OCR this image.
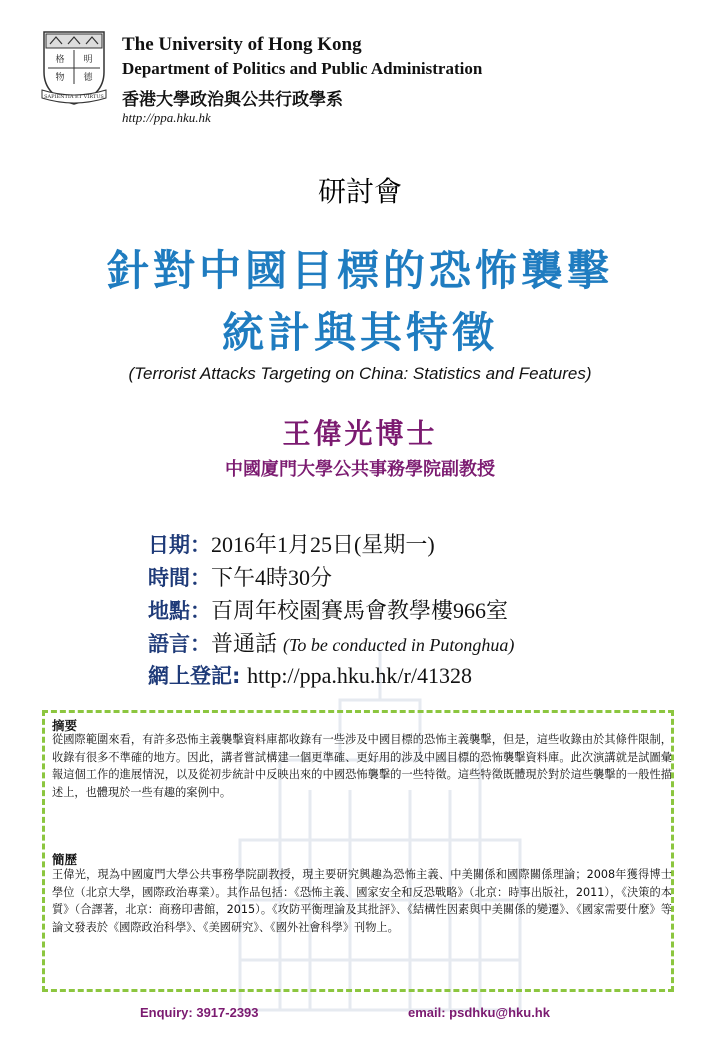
格 明
物 德
SAPIENTIA ET VIRTUS
The University of Hong Kong
Department of Politics and Public Administration
香港大學政治與公共行政學系
http://ppa.hku.hk
研討會
針對中國目標的恐怖襲擊
統計與其特徵
(Terrorist Attacks Targeting on China: Statistics and Features)
王偉光博士
中國廈門大學公共事務學院副教授
日期：2016年1月25日(星期一)
時間：下午4時30分
地點：百周年校園賽馬會教學樓966室
語言：普通話 (To be conducted in Putonghua)
網上登記: http://ppa.hku.hk/r/41328
摘要
從國際範圍來看，有許多恐怖主義襲擊資料庫都收錄有一些涉及中國目標的恐怖主義襲擊，但是，這些收錄由於其條件限制，收錄有很多不準確的地方。因此，講者嘗試構建一個更準確、更好用的涉及中國目標的恐怖襲擊資料庫。此次演講就是試圖彙報這個工作的進展情況，以及從初步統計中反映出來的中國恐怖襲擊的一些特徵。這些特徵既體現於對於這些襲擊的一般性描述上，也體現於一些有趣的案例中。
簡歷
王偉光，現為中國廈門大學公共事務學院副教授，現主要研究興趣為恐怖主義、中美關係和國際關係理論；2008年獲得博士學位（北京大學，國際政治專業）。其作品包括：《恐怖主義、國家安全和反恐戰略》（北京：時事出版社，2011），《決策的本質》（合譯著，北京：商務印書館，2015）。《攻防平衡理論及其批評》、《結構性因素與中美關係的變遷》、《國家需要什麼》等論文發表於《國際政治科學》、《美國研究》、《國外社會科學》刊物上。
Enquiry: 3917-2393	email: psdhku@hku.hk
